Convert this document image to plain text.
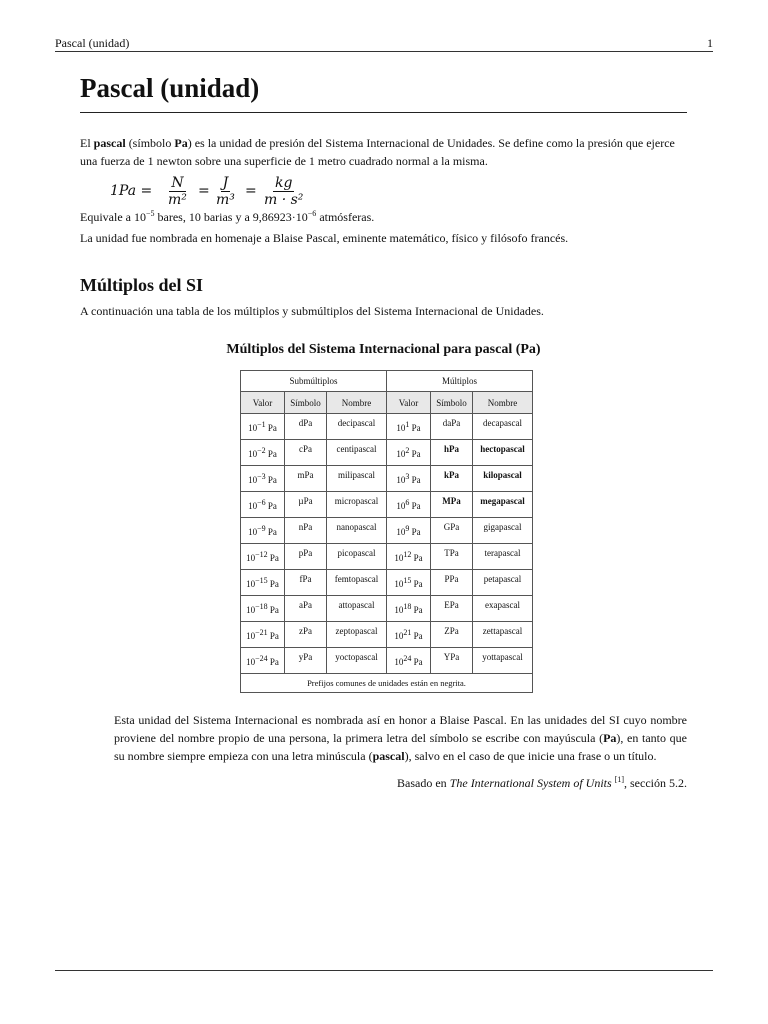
Pascal (unidad)	1
Pascal (unidad)

El pascal (símbolo Pa) es la unidad de presión del Sistema Internacional de Unidades. Se define como la presión que ejerce una fuerza de 1 newton sobre una superficie de 1 metro cuadrado normal a la misma.

$1Pa = \frac{N}{\text{m²}} = \frac{J}{\text{m³}} = \frac{kg}{\text{m · s²}}$

Equivale a $10^{-5}$ bares, 10 barias y a $9,86923\cdot 10^{-6}$ atmósferas.

La unidad fue nombrada en homenaje a Blaise Pascal, eminente matemático, físico y filósofo francés.

Múltiplos del SI

A continuación una tabla de los múltiplos y submúltiplos del Sistema Internacional de Unidades.

Múltiplos del Sistema Internacional para pascal (Pa)
Submúltiplos			Múltiplos		
Valor	Símbolo	Nombre	Valor	Símbolo	Nombre
$10^{-1}$ Pa	dPa	decipascal	$10^1$ Pa	daPa	decapascal
$10^{-2}$ Pa	cPa	centipascal	$10^2$ Pa	hPa	hectopascal
$10^{-3}$ Pa	mPa	milipascal	$10^3$ Pa	kPa	kilopascal
$10^{-6}$ Pa	µPa	micropascal	$10^6$ Pa	MPa	megapascal
$10^{-9}$ Pa	nPa	nanopascal	$10^9$ Pa	GPa	gigapascal
$10^{-12}$ Pa	pPa	picopascal	$10^{12}$ Pa	TPa	terapascal
$10^{-15}$ Pa	fPa	femtopascal	$10^{15}$ Pa	PPa	petapascal
$10^{-18}$ Pa	aPa	attopascal	$10^{18}$ Pa	EPa	exapascal
$10^{-21}$ Pa	zPa	zeptopascal	$10^{21}$ Pa	ZPa	zettapascal
$10^{-24}$ Pa	yPa	yoctopascal	$10^{24}$ Pa	YPa	yottapascal
Prefijos comunes de unidades están en negrita.					

Esta unidad del Sistema Internacional es nombrada así en honor a Blaise Pascal. En las unidades del SI cuyo nombre proviene del nombre propio de una persona, la primera letra del símbolo se escribe con mayúscula (Pa), en tanto que su nombre siempre empieza con una letra minúscula (pascal), salvo en el caso de que inicie una frase o un título.

Basado en The International System of Units [1], sección 5.2.
